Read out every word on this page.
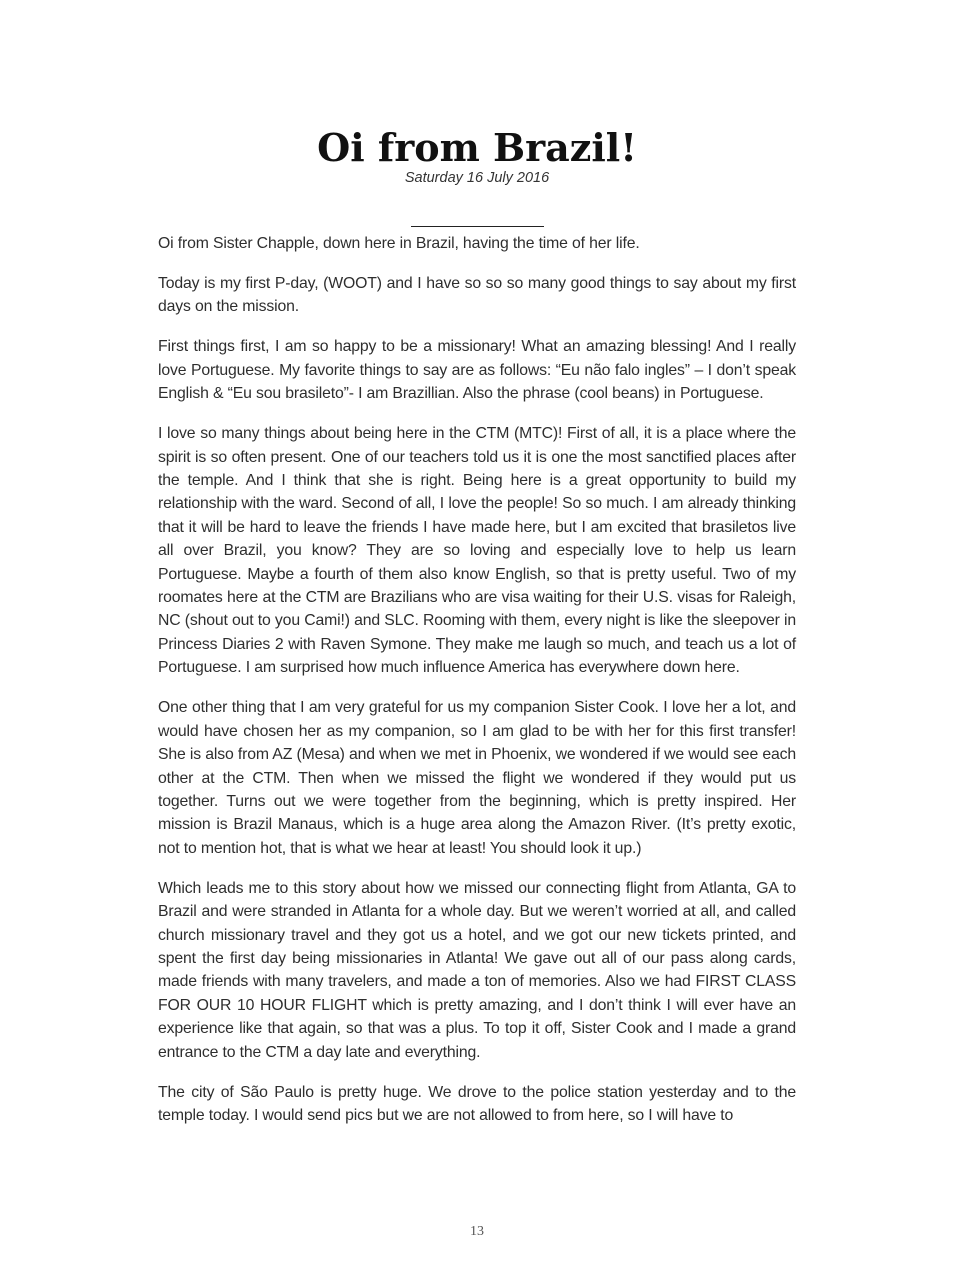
Oi from Brazil!
Saturday 16 July 2016

Oi from Sister Chapple, down here in Brazil, having the time of her life.

Today is my first P-day, (WOOT) and I have so so so many good things to say about my first days on the mission.

First things first, I am so happy to be a missionary! What an amazing blessing! And I really love Portuguese. My favorite things to say are as follows: “Eu não falo ingles” – I don’t speak English & “Eu sou brasileto”- I am Brazillian. Also the phrase (cool beans) in Portuguese.

I love so many things about being here in the CTM (MTC)! First of all, it is a place where the spirit is so often present. One of our teachers told us it is one the most sanctified places after the temple. And I think that she is right. Being here is a great opportunity to build my relationship with the ward. Second of all, I love the people! So so much. I am already thinking that it will be hard to leave the friends I have made here, but I am excited that brasiletos live all over Brazil, you know? They are so loving and especially love to help us learn Portuguese. Maybe a fourth of them also know English, so that is pretty useful. Two of my roomates here at the CTM are Brazilians who are visa waiting for their U.S. visas for Raleigh, NC (shout out to you Cami!) and SLC. Rooming with them, every night is like the sleepover in Princess Diaries 2 with Raven Symone. They make me laugh so much, and teach us a lot of Portuguese. I am surprised how much influence America has everywhere down here.

One other thing that I am very grateful for us my companion Sister Cook. I love her a lot, and would have chosen her as my companion, so I am glad to be with her for this first transfer! She is also from AZ (Mesa) and when we met in Phoenix, we wondered if we would see each other at the CTM. Then when we missed the flight we wondered if they would put us together. Turns out we were together from the beginning, which is pretty inspired. Her mission is Brazil Manaus, which is a huge area along the Amazon River. (It’s pretty exotic, not to mention hot, that is what we hear at least! You should look it up.)

Which leads me to this story about how we missed our connecting flight from Atlanta, GA to Brazil and were stranded in Atlanta for a whole day. But we weren’t worried at all, and called church missionary travel and they got us a hotel, and we got our new tickets printed, and spent the first day being missionaries in Atlanta! We gave out all of our pass along cards, made friends with many travelers, and made a ton of memories. Also we had FIRST CLASS FOR OUR 10 HOUR FLIGHT which is pretty amazing, and I don’t think I will ever have an experience like that again, so that was a plus. To top it off, Sister Cook and I made a grand entrance to the CTM a day late and everything.

The city of São Paulo is pretty huge. We drove to the police station yesterday and to the temple today. I would send pics but we are not allowed to from here, so I will have to

13
